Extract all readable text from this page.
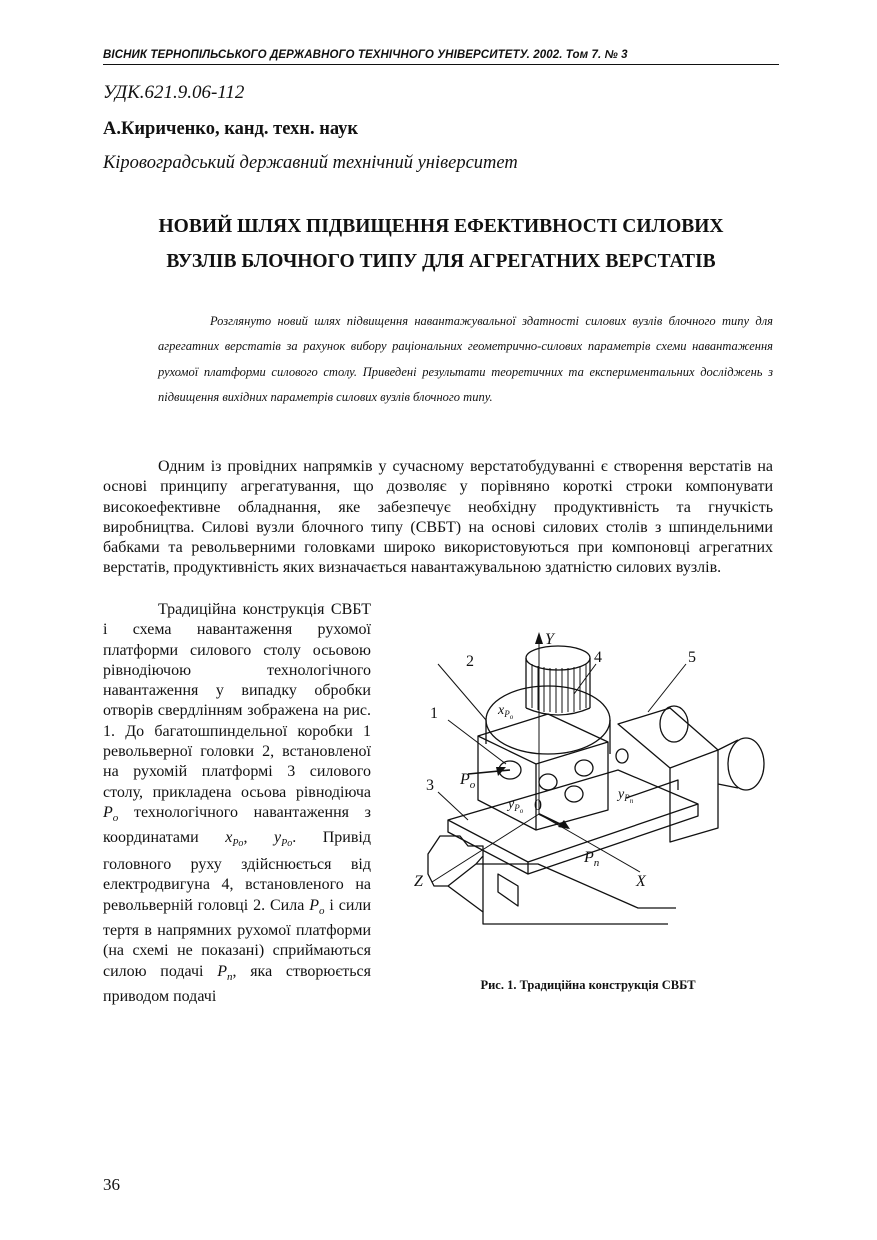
ВІСНИК ТЕРНОПІЛЬСЬКОГО ДЕРЖАВНОГО ТЕХНІЧНОГО УНІВЕРСИТЕТУ. 2002. Том 7. № 3
УДК.621.9.06-112
А.Кириченко, канд. техн. наук
Кіровоградський державний технічний університет
НОВИЙ ШЛЯХ ПІДВИЩЕННЯ ЕФЕКТИВНОСТІ СИЛОВИХ
ВУЗЛІВ БЛОЧНОГО ТИПУ ДЛЯ АГРЕГАТНИХ ВЕРСТАТІВ
Розглянуто новий шлях підвищення навантажувальної здатності силових вузлів блочного типу для агрегатних верстатів за рахунок вибору раціональних геометрично-силових параметрів схеми навантаження рухомої платформи силового столу. Приведені результати теоретичних та експериментальних досліджень з підвищення вихідних параметрів силових вузлів блочного типу.
Одним із провідних напрямків у сучасному верстатобудуванні є створення верстатів на основі принципу агрегатування, що дозволяє у порівняно короткі строки компонувати високоефективне обладнання, яке забезпечує необхідну продуктивність та гнучкість виробництва. Силові вузли блочного типу (СВБТ) на основі силових столів з шпиндельними бабками та револьверними головками широко використовуються при компоновці агрегатних верстатів, продуктивність яких визначається навантажувальною здатністю силових вузлів.
Традиційна конструкція СВБТ і схема навантаження рухомої платформи силового столу осьовою рівнодіючою технологічного навантаження у випадку обробки отворів свердлінням зображена на рис. 1. До багатошпиндельної коробки 1 револьверної головки 2, встановленої на рухомій платформі 3 силового столу, прикладена осьова рівнодіюча $P_o$ технологічного навантаження з координатами $x_{Po}$, $y_{Po}$. Привід головного руху здійснюється від електродвигуна 4, встановленого на револьверній головці 2. Сила $P_о$ і сили тертя в напрямних рухомої платформи (на схемі не показані) сприймаються силою подачі $P_п$, яка створюється приводом подачі
Y
X
Z
0
2	4	5
1
3 $P_o$
$P_п$
$x_Po$
$y_Po$
$y_Pп$
Рис. 1. Традиційна конструкція СВБТ
36
